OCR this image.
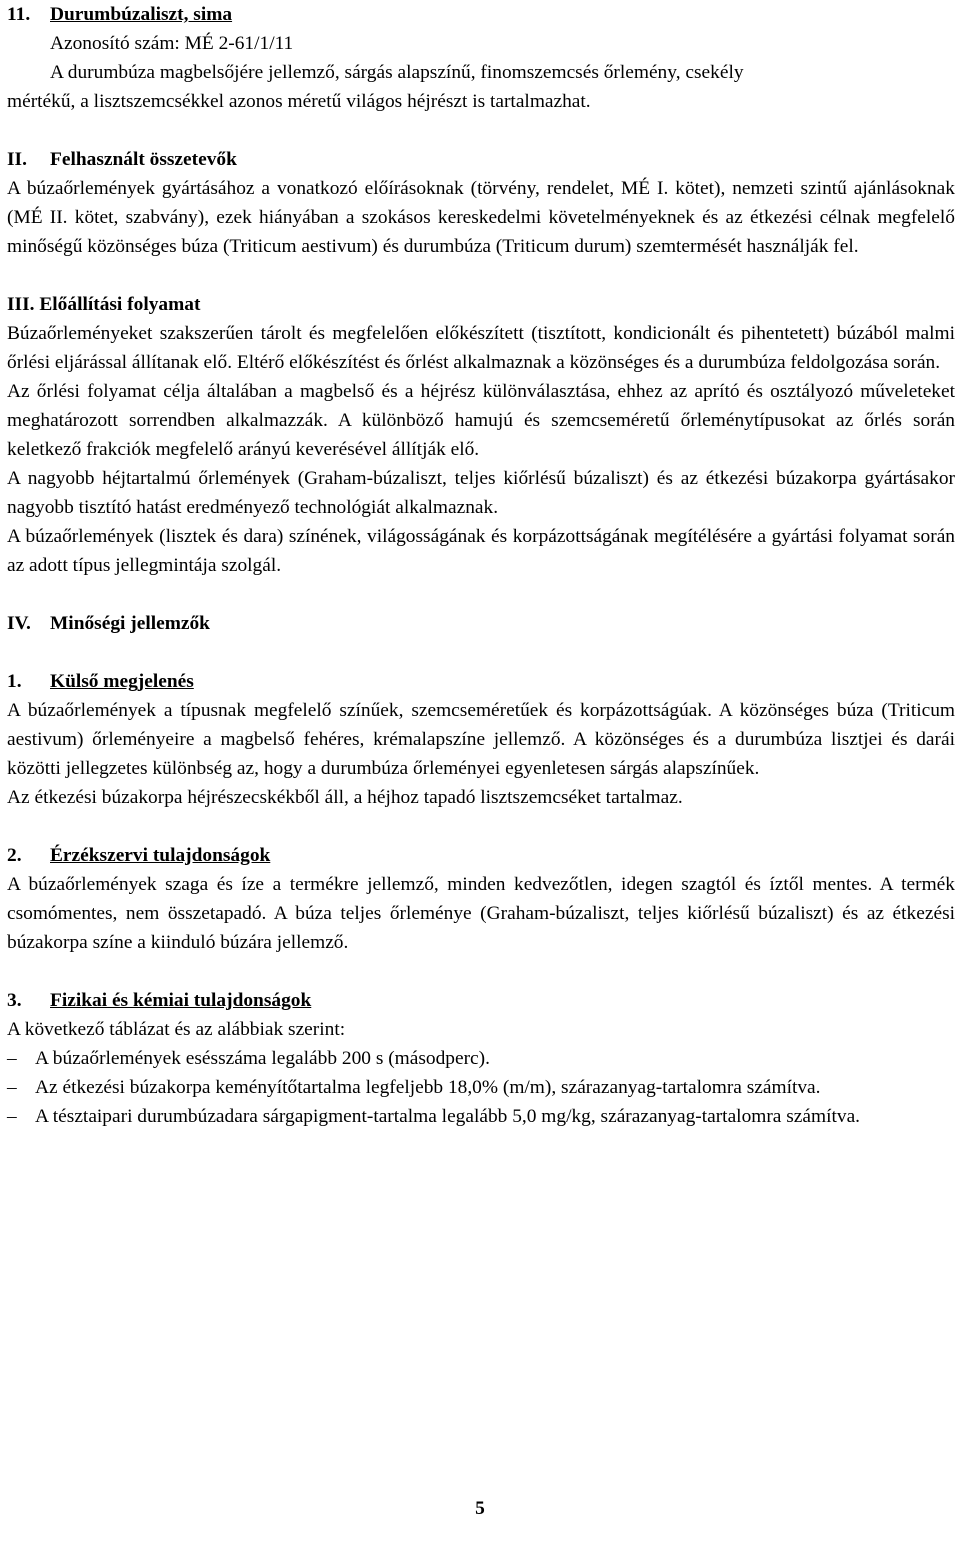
11. Durumbúzaliszt, sima
Azonosító szám: MÉ 2-61/1/11
A durumbúza magbelsőjére jellemző, sárgás alapszínű, finomszemcsés őrlemény, csekély
mértékű, a lisztszemcsékkel azonos méretű világos héjrészt is tartalmazhat.
II. Felhasznált összetevők
A búzaőrlemények gyártásához a vonatkozó előírásoknak (törvény, rendelet, MÉ I. kötet), nemzeti szintű ajánlásoknak (MÉ II. kötet, szabvány), ezek hiányában a szokásos kereskedelmi követelményeknek és az étkezési célnak megfelelő minőségű közönséges búza (Triticum aestivum) és durumbúza (Triticum durum) szemtermését használják fel.
III. Előállítási folyamat
Búzaőrleményeket szakszerűen tárolt és megfelelően előkészített (tisztított, kondicionált és pihentetett) búzából malmi őrlési eljárással állítanak elő. Eltérő előkészítést és őrlést alkalmaznak a közönséges és a durumbúza feldolgozása során.
Az őrlési folyamat célja általában a magbelső és a héjrész különválasztása, ehhez az aprító és osztályozó műveleteket meghatározott sorrendben alkalmazzák. A különböző hamujú és szemcseméretű őrleménytípusokat az őrlés során keletkező frakciók megfelelő arányú keverésével állítják elő.
A nagyobb héjtartalmú őrlemények (Graham-búzaliszt, teljes kiőrlésű búzaliszt) és az étkezési búzakorpa gyártásakor nagyobb tisztító hatást eredményező technológiát alkalmaznak.
A búzaőrlemények (lisztek és dara) színének, világosságának és korpázottságának megítélésére a gyártási folyamat során az adott típus jellegmintája szolgál.
IV. Minőségi jellemzők
1. Külső megjelenés
A búzaőrlemények a típusnak megfelelő színűek, szemcseméretűek és korpázottságúak. A közönséges búza (Triticum aestivum) őrleményeire a magbelső fehéres, krémalapszíne jellemző. A közönséges és a durumbúza lisztjei és darái közötti jellegzetes különbség az, hogy a durumbúza őrleményei egyenletesen sárgás alapszínűek.
Az étkezési búzakorpa héjrészecskékből áll, a héjhoz tapadó lisztszemcséket tartalmaz.
2. Érzékszervi tulajdonságok
A búzaőrlemények szaga és íze a termékre jellemző, minden kedvezőtlen, idegen szagtól és íztől mentes. A termék csomómentes, nem összetapadó. A búza teljes őrleménye (Graham-búzaliszt, teljes kiőrlésű búzaliszt) és az étkezési búzakorpa színe a kiinduló búzára jellemző.
3. Fizikai és kémiai tulajdonságok
A következő táblázat és az alábbiak szerint:
– A búzaőrlemények esésszáma legalább 200 s (másodperc).
– Az étkezési búzakorpa keményítőtartalma legfeljebb 18,0% (m/m), szárazanyag-tartalomra számítva.
– A tésztaipari durumbúzadara sárgapigment-tartalma legalább 5,0 mg/kg, szárazanyag-tartalomra számítva.
5
